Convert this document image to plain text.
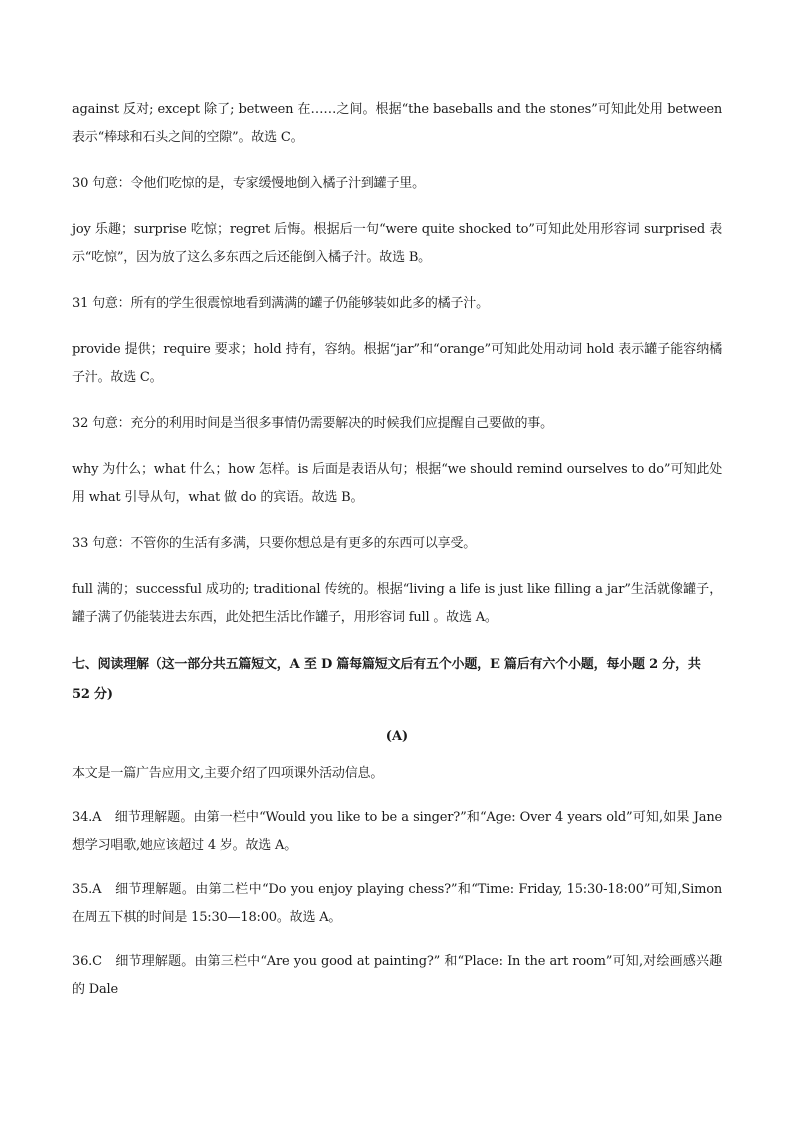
against 反对; except 除了; between 在……之间。根据“the baseballs and the stones”可知此处用 between 表示“棒球和石头之间的空隙”。故选 C。

30 句意：令他们吃惊的是，专家缓慢地倒入橘子汁到罐子里。

joy 乐趣；surprise 吃惊；regret 后悔。根据后一句“were quite shocked to”可知此处用形容词 surprised 表示“吃惊”，因为放了这么多东西之后还能倒入橘子汁。故选 B。

31 句意：所有的学生很震惊地看到满满的罐子仍能够装如此多的橘子汁。

provide 提供；require 要求；hold 持有，容纳。根据“jar”和“orange”可知此处用动词 hold 表示罐子能容纳橘子汁。故选 C。

32 句意：充分的利用时间是当很多事情仍需要解决的时候我们应提醒自己要做的事。

why 为什么；what 什么；how 怎样。is 后面是表语从句；根据“we should remind ourselves to do”可知此处用 what 引导从句，what 做 do 的宾语。故选 B。

33 句意：不管你的生活有多满，只要你想总是有更多的东西可以享受。

full 满的；successful 成功的; traditional 传统的。根据“living a life is just like filling a jar”生活就像罐子，罐子满了仍能装进去东西，此处把生活比作罐子，用形容词 full 。故选 A。

七、阅读理解（这一部分共五篇短文，A 至 D 篇每篇短文后有五个小题，E 篇后有六个小题，每小题 2 分，共 52 分)

(A)

本文是一篇广告应用文,主要介绍了四项课外活动信息。

34.A　细节理解题。由第一栏中“Would you like to be a singer?”和“Age: Over 4 years old”可知,如果 Jane 想学习唱歌,她应该超过 4 岁。故选 A。

35.A　细节理解题。由第二栏中“Do you enjoy playing chess?”和“Time: Friday, 15:30-18:00”可知,Simon 在周五下棋的时间是 15:30—18:00。故选 A。

36.C　细节理解题。由第三栏中“Are you good at painting?” 和“Place: In the art room”可知,对绘画感兴趣的 Dale
